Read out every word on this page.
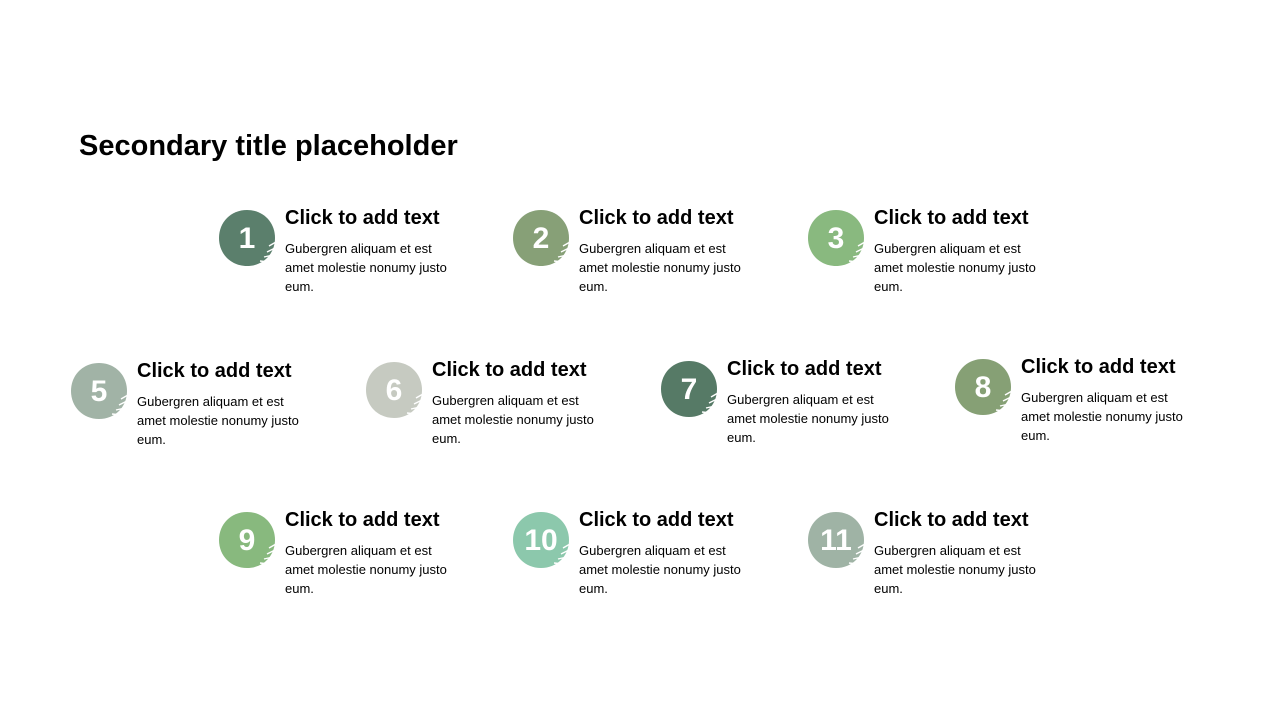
Secondary title placeholder
1
Click to add text
Gubergren aliquam et est amet molestie nonumy justo eum.
2
Click to add text
Gubergren aliquam et est amet molestie nonumy justo eum.
3
Click to add text
Gubergren aliquam et est amet molestie nonumy justo eum.
5
Click to add text
Gubergren aliquam et est amet molestie nonumy justo eum.
6
Click to add text
Gubergren aliquam et est amet molestie nonumy justo eum.
7
Click to add text
Gubergren aliquam et est amet molestie nonumy justo eum.
8
Click to add text
Gubergren aliquam et est amet molestie nonumy justo eum.
9
Click to add text
Gubergren aliquam et est amet molestie nonumy justo eum.
10
Click to add text
Gubergren aliquam et est amet molestie nonumy justo eum.
11
Click to add text
Gubergren aliquam et est amet molestie nonumy justo eum.
